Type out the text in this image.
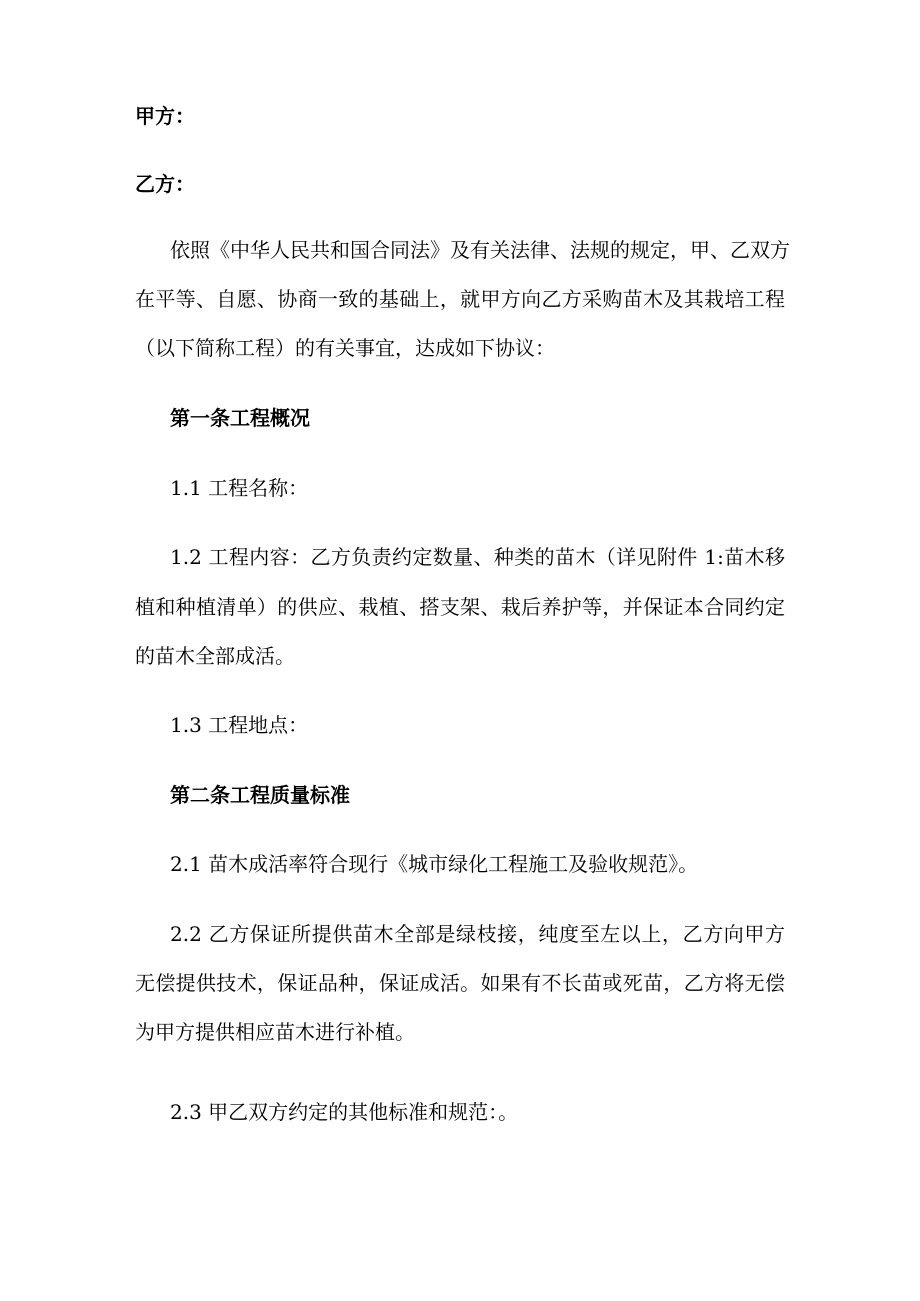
甲方：
乙方：
依照《中华人民共和国合同法》及有关法律、法规的规定，甲、乙双方
在平等、自愿、协商一致的基础上，就甲方向乙方采购苗木及其栽培工程
（以下简称工程）的有关事宜，达成如下协议：
第一条工程概况
1.1 工程名称：
1.2 工程内容：乙方负责约定数量、种类的苗木（详见附件 1:苗木移
植和种植清单）的供应、栽植、搭支架、栽后养护等，并保证本合同约定
的苗木全部成活。
1.3 工程地点：
第二条工程质量标准
2.1 苗木成活率符合现行《城市绿化工程施工及验收规范》。
2.2 乙方保证所提供苗木全部是绿枝接，纯度至左以上，乙方向甲方
无偿提供技术，保证品种，保证成活。如果有不长苗或死苗，乙方将无偿
为甲方提供相应苗木进行补植。
2.3 甲乙双方约定的其他标准和规范：。
